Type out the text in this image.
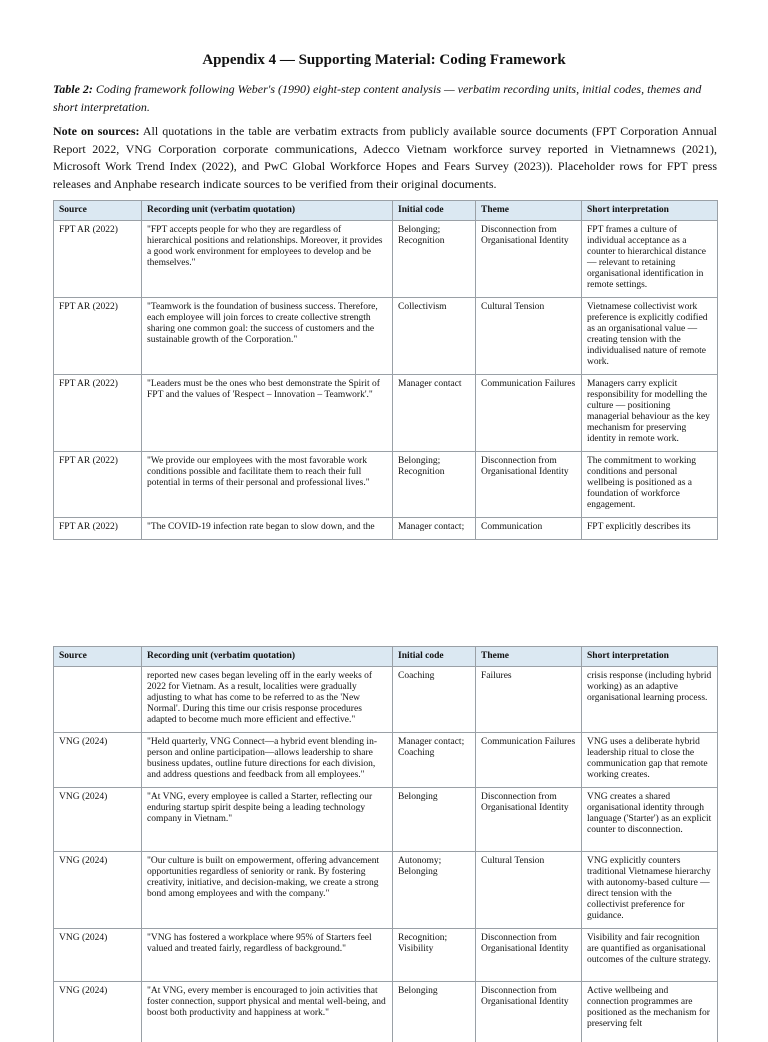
Appendix 4 — Supporting Material: Coding Framework
Table 2: Coding framework following Weber's (1990) eight-step content analysis — verbatim recording units, initial codes, themes and short interpretation.
Note on sources: All quotations in the table are verbatim extracts from publicly available source documents (FPT Corporation Annual Report 2022, VNG Corporation corporate communications, Adecco Vietnam workforce survey reported in Vietnamnews (2021), Microsoft Work Trend Index (2022), and PwC Global Workforce Hopes and Fears Survey (2023)). Placeholder rows for FPT press releases and Anphabe research indicate sources to be verified from their original documents.
Source	Recording unit (verbatim quotation)	Initial code	Theme	Short interpretation
FPT AR (2022)	"FPT accepts people for who they are regardless of hierarchical positions and relationships. Moreover, it provides a good work environment for employees to develop and be themselves."	Belonging; Recognition	Disconnection from Organisational Identity	FPT frames a culture of individual acceptance as a counter to hierarchical distance — relevant to retaining organisational identification in remote settings.
FPT AR (2022)	"Teamwork is the foundation of business success. Therefore, each employee will join forces to create collective strength sharing one common goal: the success of customers and the sustainable growth of the Corporation."	Collectivism	Cultural Tension	Vietnamese collectivist work preference is explicitly codified as an organisational value — creating tension with the individualised nature of remote work.
FPT AR (2022)	"Leaders must be the ones who best demonstrate the Spirit of FPT and the values of 'Respect – Innovation – Teamwork'."	Manager contact	Communication Failures	Managers carry explicit responsibility for modelling the culture — positioning managerial behaviour as the key mechanism for preserving identity in remote work.
FPT AR (2022)	"We provide our employees with the most favorable work conditions possible and facilitate them to reach their full potential in terms of their personal and professional lives."	Belonging; Recognition	Disconnection from Organisational Identity	The commitment to working conditions and personal wellbeing is positioned as a foundation of workforce engagement.
FPT AR (2022)	"The COVID-19 infection rate began to slow down, and the	Manager contact;	Communication	FPT explicitly describes its
Source	Recording unit (verbatim quotation)	Initial code	Theme	Short interpretation
	reported new cases began leveling off in the early weeks of 2022 for Vietnam. As a result, localities were gradually adjusting to what has come to be referred to as the 'New Normal'. During this time our crisis response procedures adapted to become much more efficient and effective."	Coaching	Failures	crisis response (including hybrid working) as an adaptive organisational learning process.
VNG (2024)	"Held quarterly, VNG Connect—a hybrid event blending in-person and online participation—allows leadership to share business updates, outline future directions for each division, and address questions and feedback from all employees."	Manager contact; Coaching	Communication Failures	VNG uses a deliberate hybrid leadership ritual to close the communication gap that remote working creates.
VNG (2024)	"At VNG, every employee is called a Starter, reflecting our enduring startup spirit despite being a leading technology company in Vietnam."	Belonging	Disconnection from Organisational Identity	VNG creates a shared organisational identity through language ('Starter') as an explicit counter to disconnection.
VNG (2024)	"Our culture is built on empowerment, offering advancement opportunities regardless of seniority or rank. By fostering creativity, initiative, and decision-making, we create a strong bond among employees and with the company."	Autonomy; Belonging	Cultural Tension	VNG explicitly counters traditional Vietnamese hierarchy with autonomy-based culture — direct tension with the collectivist preference for guidance.
VNG (2024)	"VNG has fostered a workplace where 95% of Starters feel valued and treated fairly, regardless of background."	Recognition; Visibility	Disconnection from Organisational Identity	Visibility and fair recognition are quantified as organisational outcomes of the culture strategy.
VNG (2024)	"At VNG, every member is encouraged to join activities that foster connection, support physical and mental well-being, and boost both productivity and happiness at work."	Belonging	Disconnection from Organisational Identity	Active wellbeing and connection programmes are positioned as the mechanism for preserving felt
